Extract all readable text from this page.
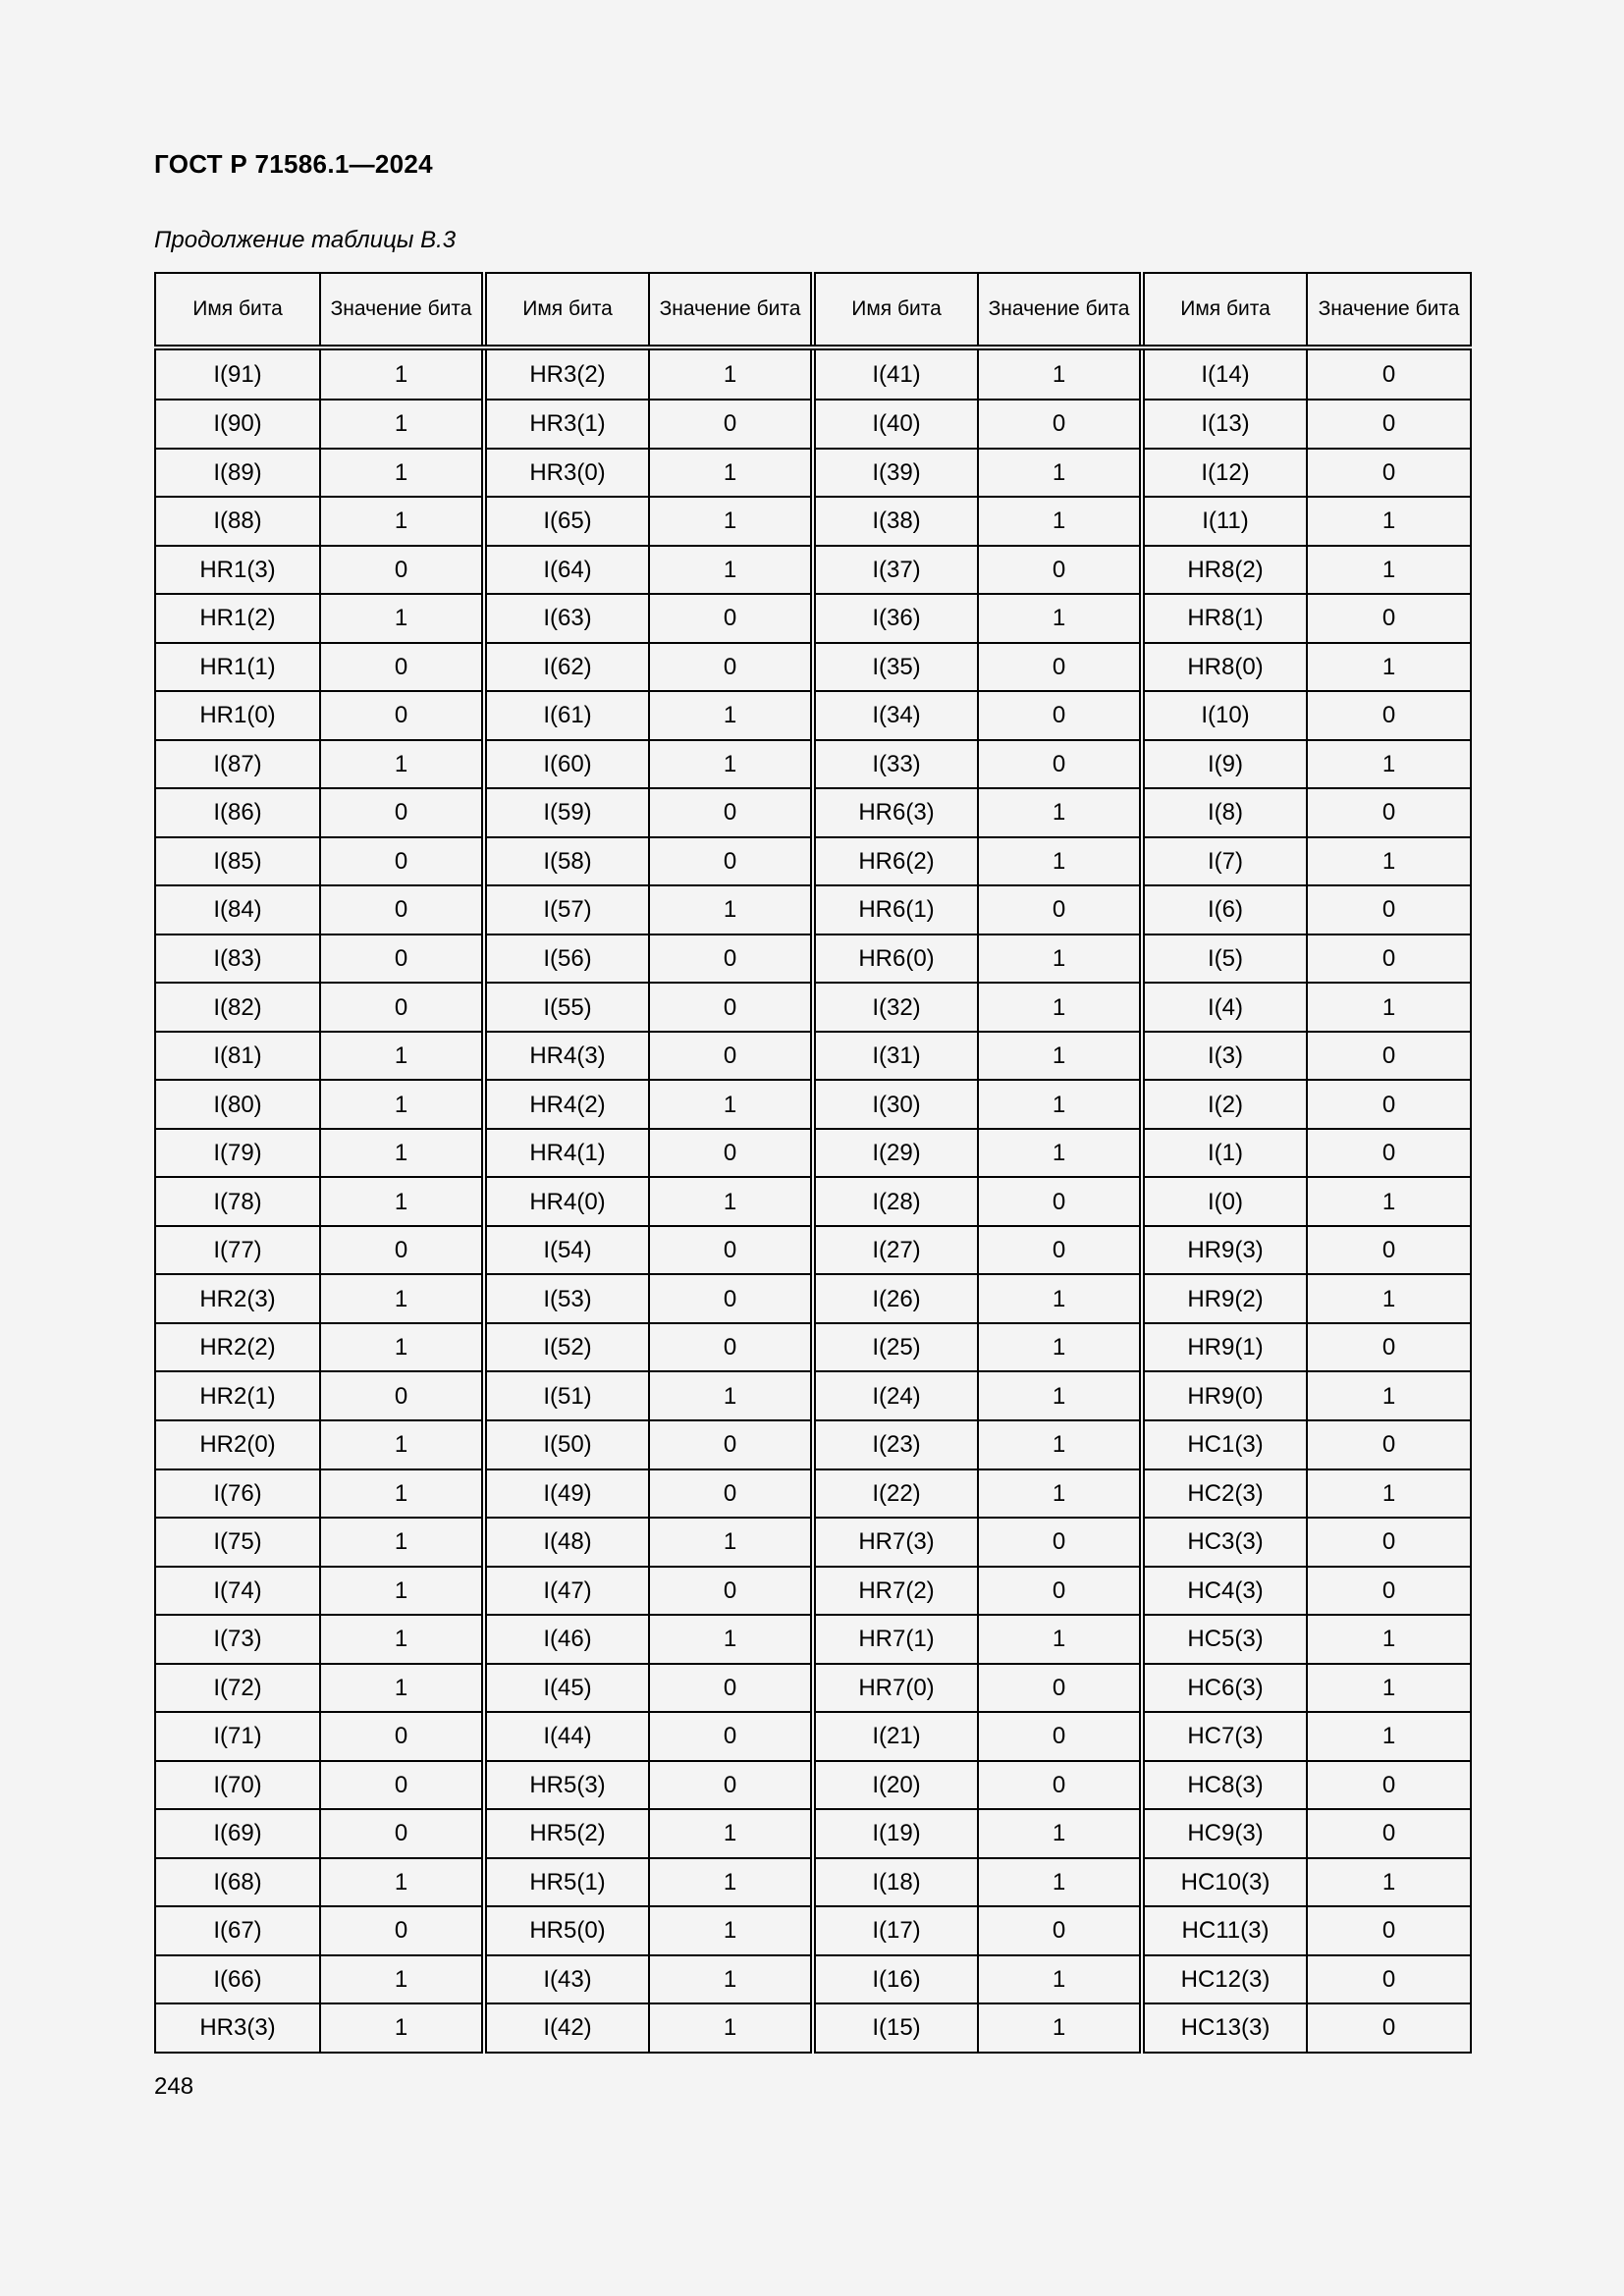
ГОСТ Р 71586.1—2024
Продолжение таблицы В.3
Имя бита	Значение бита	Имя бита	Значение бита	Имя бита	Значение бита	Имя бита	Значение бита
I(91)	1	HR3(2)	1	I(41)	1	I(14)	0
I(90)	1	HR3(1)	0	I(40)	0	I(13)	0
I(89)	1	HR3(0)	1	I(39)	1	I(12)	0
I(88)	1	I(65)	1	I(38)	1	I(11)	1
HR1(3)	0	I(64)	1	I(37)	0	HR8(2)	1
HR1(2)	1	I(63)	0	I(36)	1	HR8(1)	0
HR1(1)	0	I(62)	0	I(35)	0	HR8(0)	1
HR1(0)	0	I(61)	1	I(34)	0	I(10)	0
I(87)	1	I(60)	1	I(33)	0	I(9)	1
I(86)	0	I(59)	0	HR6(3)	1	I(8)	0
I(85)	0	I(58)	0	HR6(2)	1	I(7)	1
I(84)	0	I(57)	1	HR6(1)	0	I(6)	0
I(83)	0	I(56)	0	HR6(0)	1	I(5)	0
I(82)	0	I(55)	0	I(32)	1	I(4)	1
I(81)	1	HR4(3)	0	I(31)	1	I(3)	0
I(80)	1	HR4(2)	1	I(30)	1	I(2)	0
I(79)	1	HR4(1)	0	I(29)	1	I(1)	0
I(78)	1	HR4(0)	1	I(28)	0	I(0)	1
I(77)	0	I(54)	0	I(27)	0	HR9(3)	0
HR2(3)	1	I(53)	0	I(26)	1	HR9(2)	1
HR2(2)	1	I(52)	0	I(25)	1	HR9(1)	0
HR2(1)	0	I(51)	1	I(24)	1	HR9(0)	1
HR2(0)	1	I(50)	0	I(23)	1	HC1(3)	0
I(76)	1	I(49)	0	I(22)	1	HC2(3)	1
I(75)	1	I(48)	1	HR7(3)	0	HC3(3)	0
I(74)	1	I(47)	0	HR7(2)	0	HC4(3)	0
I(73)	1	I(46)	1	HR7(1)	1	HC5(3)	1
I(72)	1	I(45)	0	HR7(0)	0	HC6(3)	1
I(71)	0	I(44)	0	I(21)	0	HC7(3)	1
I(70)	0	HR5(3)	0	I(20)	0	HC8(3)	0
I(69)	0	HR5(2)	1	I(19)	1	HC9(3)	0
I(68)	1	HR5(1)	1	I(18)	1	HC10(3)	1
I(67)	0	HR5(0)	1	I(17)	0	HC11(3)	0
I(66)	1	I(43)	1	I(16)	1	HC12(3)	0
HR3(3)	1	I(42)	1	I(15)	1	HC13(3)	0
248
